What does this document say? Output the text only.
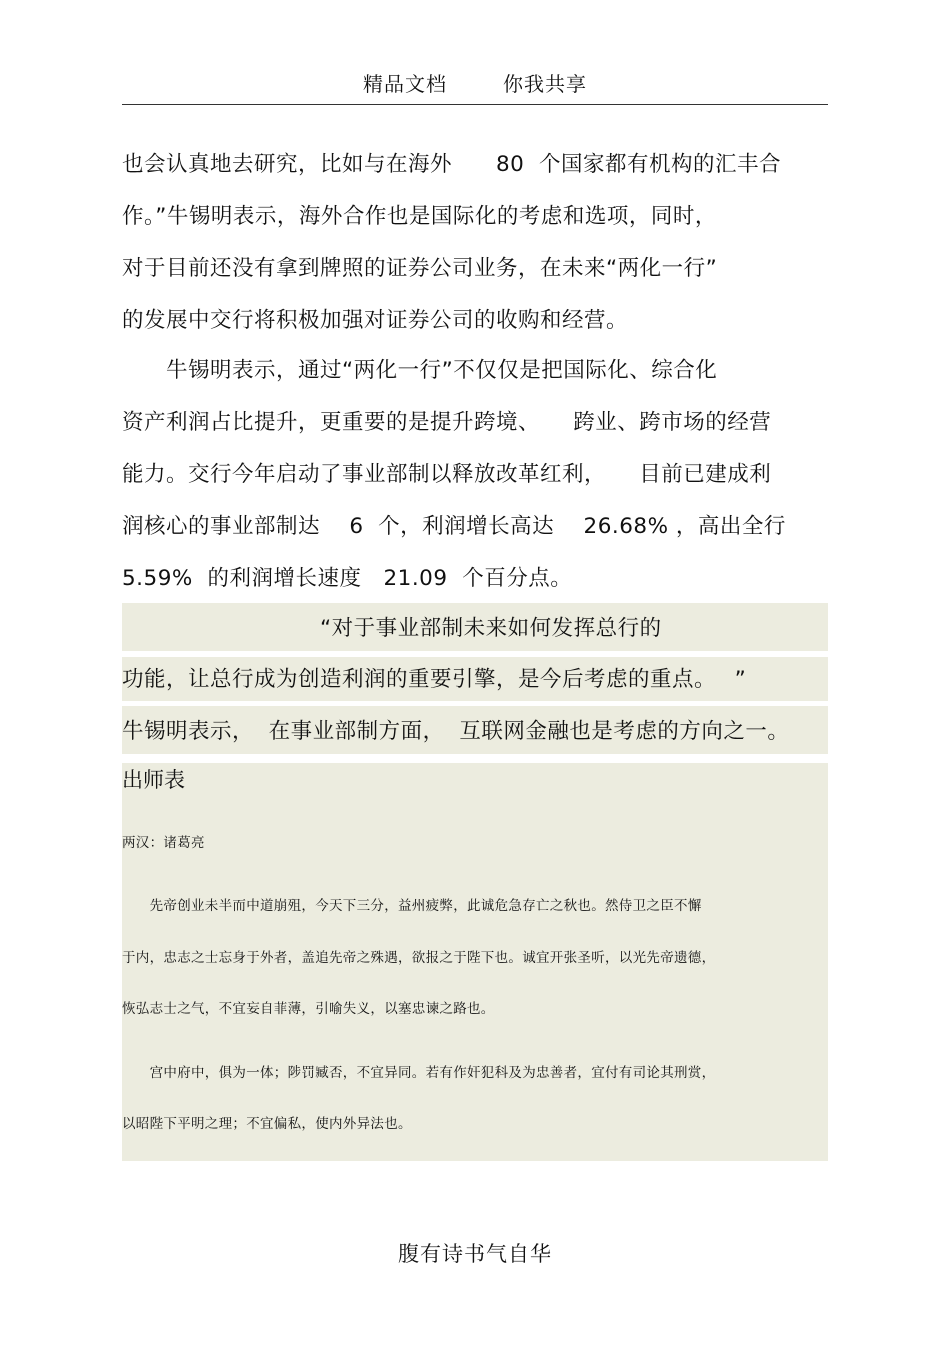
精品文档	你我共享
也会认真地去研究，比如与在海外　　80  个国家都有机构的汇丰合
作。”牛锡明表示，海外合作也是国际化的考虑和选项，同时，
对于目前还没有拿到牌照的证券公司业务，在未来“两化一行”
的发展中交行将积极加强对证券公司的收购和经营。
　　牛锡明表示，通过“两化一行”不仅仅是把国际化、综合化
资产利润占比提升，更重要的是提升跨境、　　跨业、跨市场的经营
能力。交行今年启动了事业部制以释放改革红利，　　目前已建成利
润核心的事业部制达　 6  个，利润增长高达　 26.68% ，高出全行
5.59%  的利润增长速度　21.09  个百分点。
　　　　　　　　　“对于事业部制未来如何发挥总行的
功能，让总行成为创造利润的重要引擎，是今后考虑的重点。　 ”
牛锡明表示，  在事业部制方面，  互联网金融也是考虑的方向之一。
出师表
两汉：诸葛亮
　　先帝创业未半而中道崩殂，今天下三分，益州疲弊，此诚危急存亡之秋也。然侍卫之臣不懈
于内，忠志之士忘身于外者，盖追先帝之殊遇，欲报之于陛下也。诚宜开张圣听，以光先帝遗德，
恢弘志士之气，不宜妄自菲薄，引喻失义，以塞忠谏之路也。
　　宫中府中，俱为一体；陟罚臧否，不宜异同。若有作奸犯科及为忠善者，宜付有司论其刑赏，
以昭陛下平明之理；不宜偏私，使内外异法也。
腹有诗书气自华
